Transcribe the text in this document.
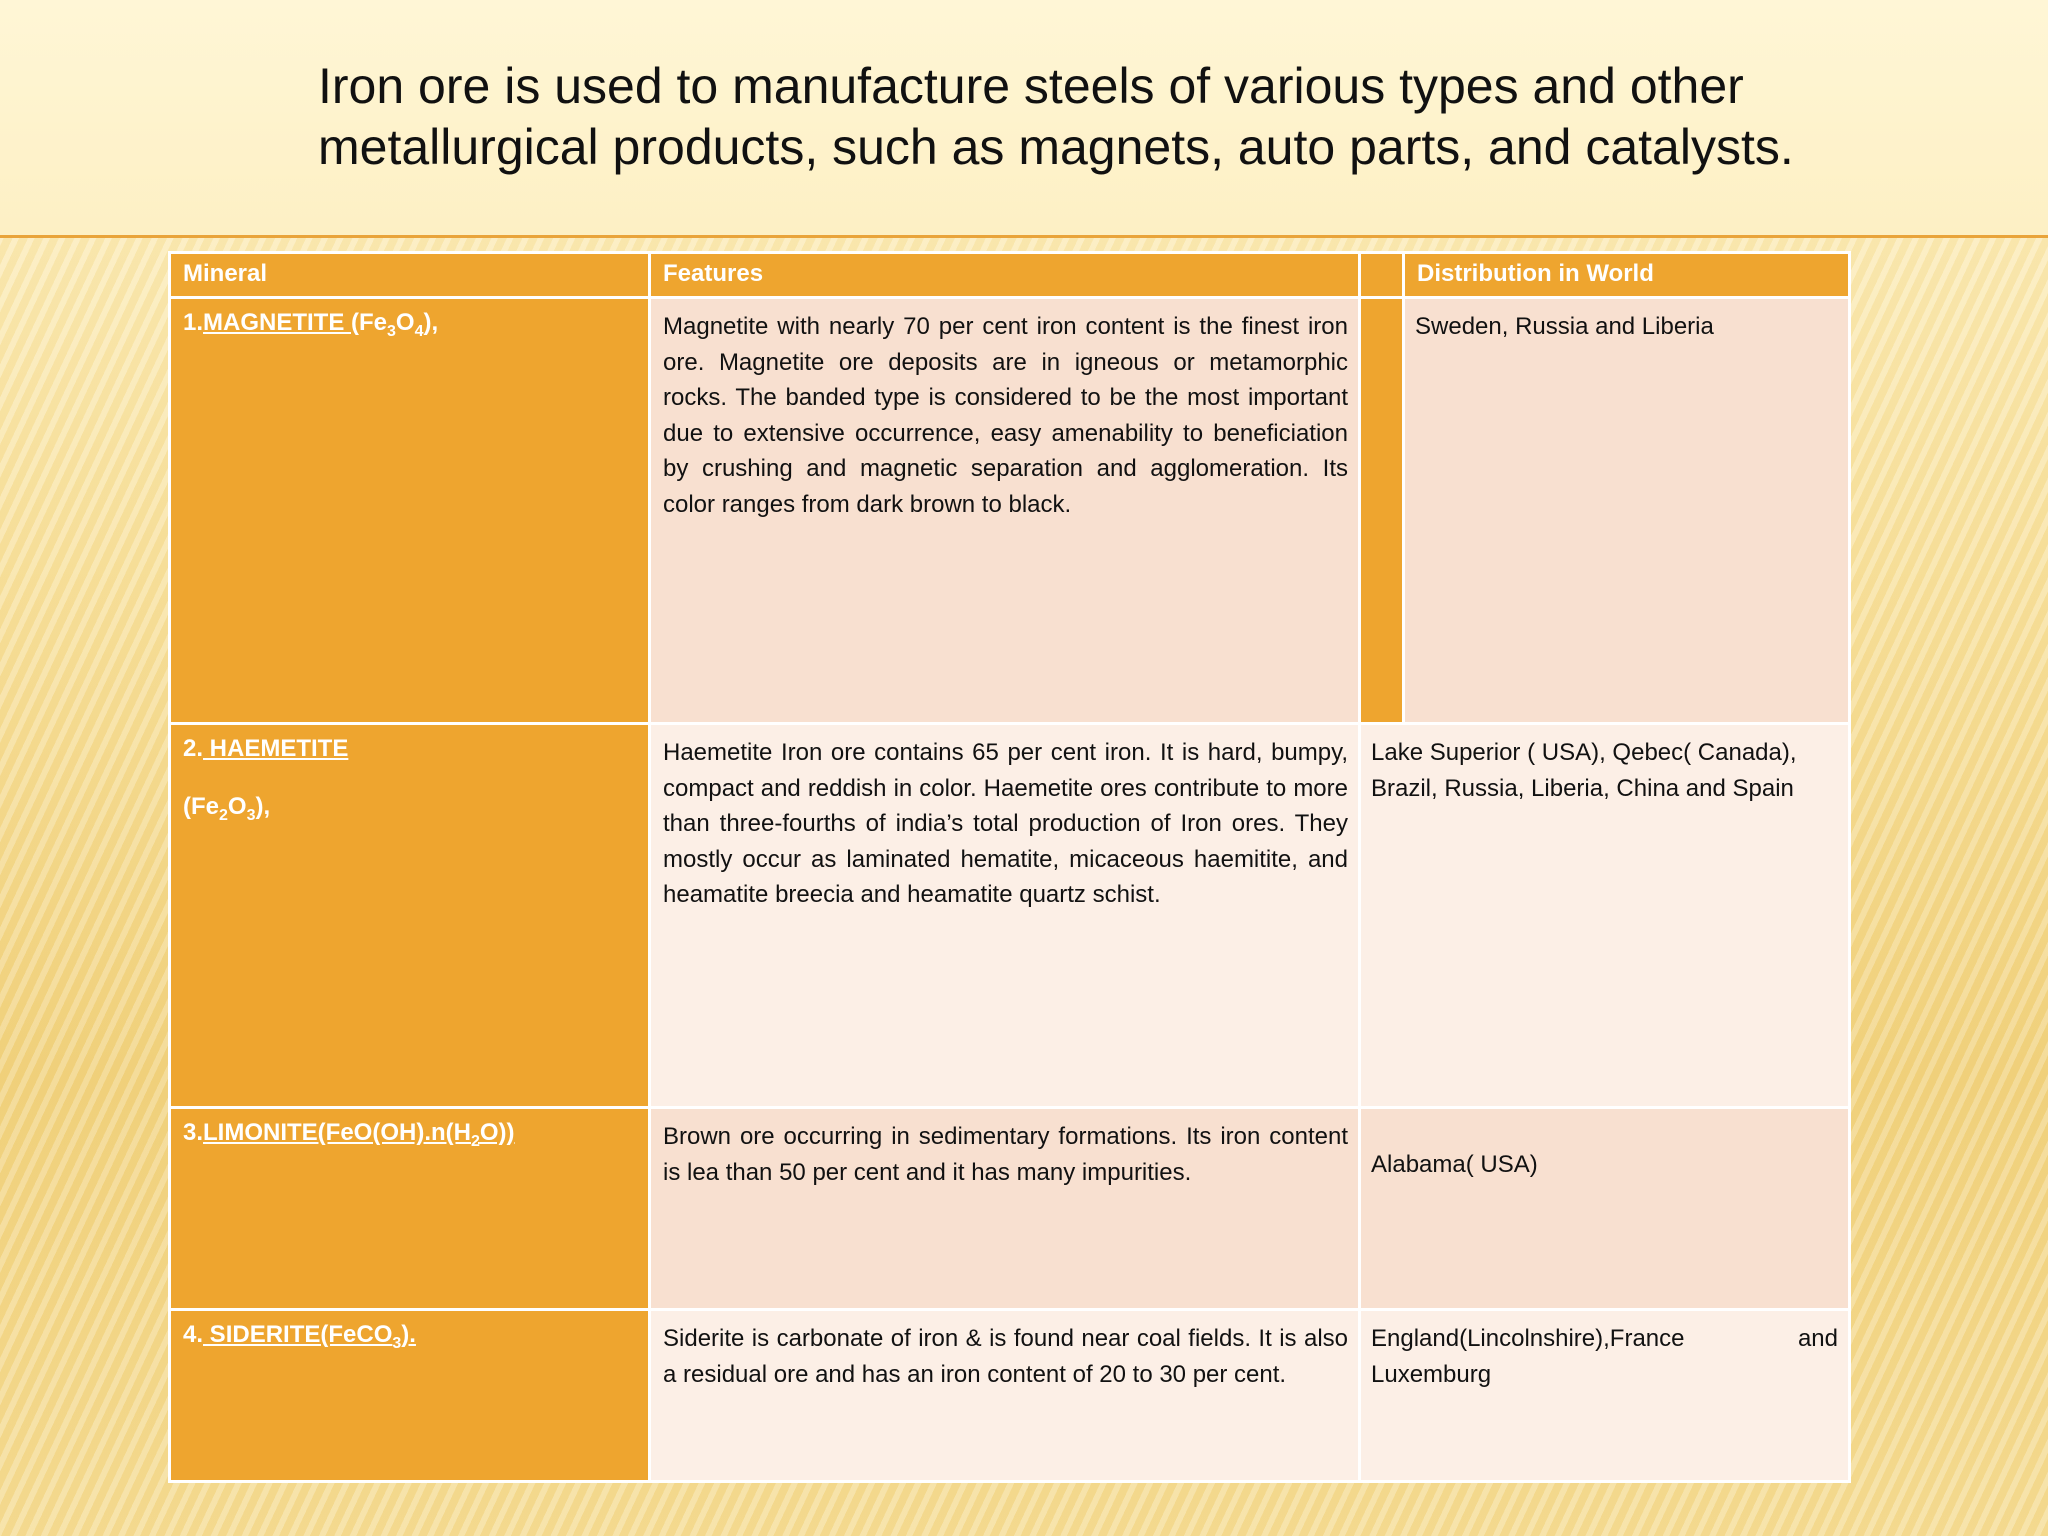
Iron ore is used to manufacture steels of various types and other metallurgical products, such as magnets, auto parts, and catalysts.
Mineral	Features		Distribution in World
1.MAGNETITE $(Fe_3O_4)$,	Magnetite with nearly 70 per cent iron content is the finest iron ore. Magnetite ore deposits are in igneous or metamorphic rocks. The banded type is considered to be the most important due to extensive occurrence, easy amenability to beneficiation by crushing and magnetic separation and agglomeration. Its color ranges from dark brown to black.		Sweden, Russia and Liberia

2. HAEMETITE
$(Fe_2O_3)$,	Haemetite Iron ore contains 65 per cent iron. It is hard, bumpy, compact and reddish in color. Haemetite ores contribute to more than three-fourths of india’s total production of Iron ores. They mostly occur as laminated hematite, micaceous haemitite, and heamatite breecia and heamatite quartz schist.	Lake Superior ( USA), Qebec( Canada), Brazil, Russia, Liberia, China and Spain	
$3.LIMONITE(FeO(OH).n(H_2O))$	Brown ore occurring in sedimentary formations. Its iron content is lea than 50 per cent and it has many impurities.	Alabama( USA)	

4. SIDERITE(FeCO$_3$).	Siderite is carbonate of iron & is found near coal fields. It is also a residual ore and has an iron content of 20 to 30 per cent.	England(Lincolnshire),France and
Luxemburg	
